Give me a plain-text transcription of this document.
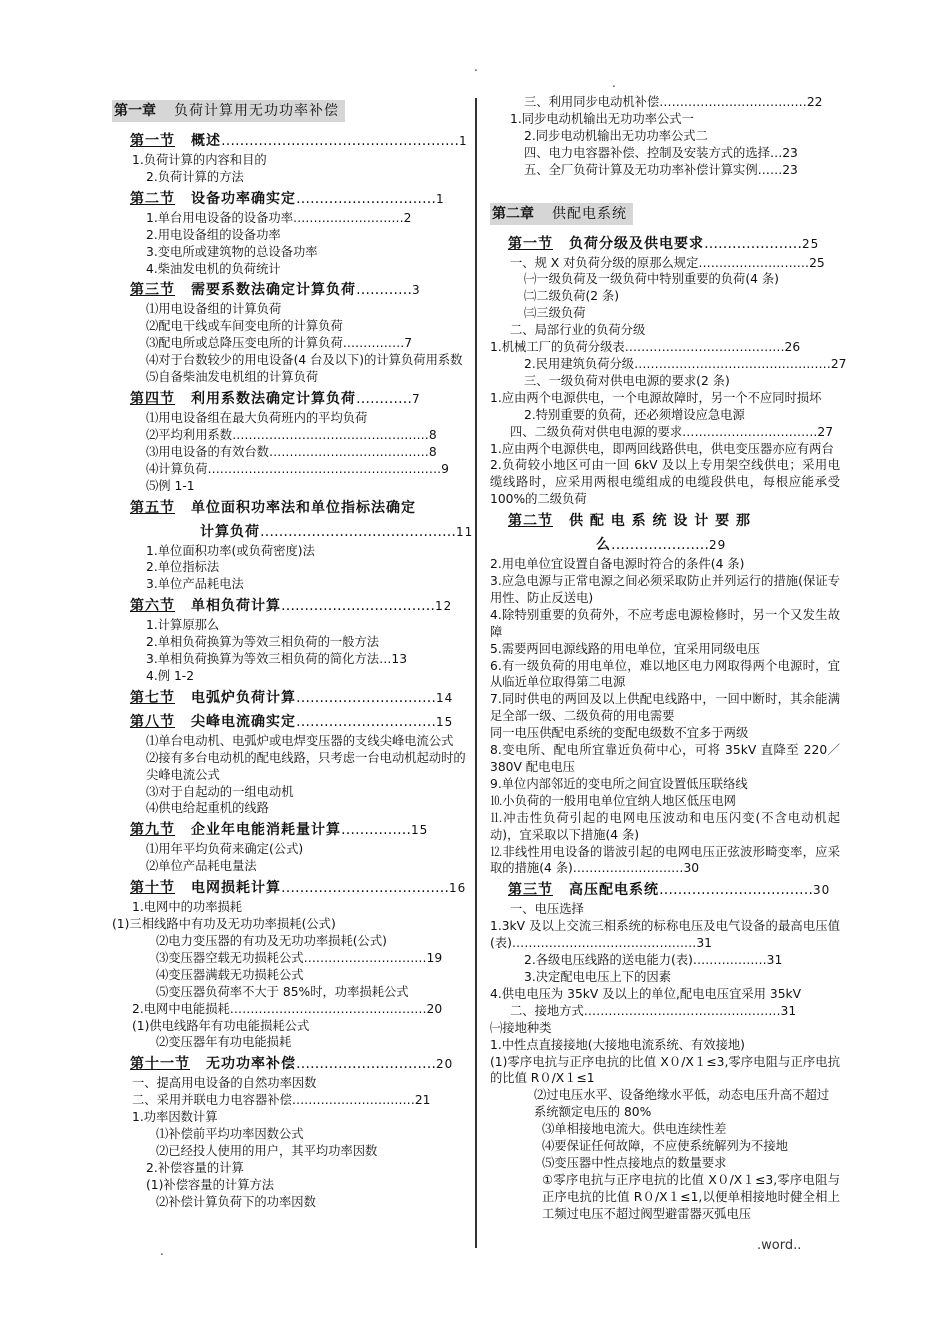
.
.
第一章 负荷计算用无功功率补偿
第一节 概述……………………………………………1
1.负荷计算的内容和目的
2.负荷计算的方法
第二节 设备功率确实定…………………………1
1.单台用电设备的设备功率………………………2
2.用电设备组的设备功率
3.变电所或建筑物的总设备功率
4.柴油发电机的负荷统计
第三节 需要系数法确定计算负荷…………3
⑴用电设备组的计算负荷
⑵配电干线或车间变电所的计算负荷
⑶配电所或总降压变电所的计算负荷……………7
⑷对于台数较少的用电设备(4 台及以下)的计算负荷用系数
⑸自备柴油发电机组的计算负荷
第四节 利用系数法确定计算负荷…………7
⑴用电设备组在最大负荷班内的平均负荷
⑵平均利用系数…………………………………………8
⑶用电设备的有效台数…………………………………8
⑷计算负荷…………………………………………………9
⑸例 1-1
第五节 单位面积功率法和单位指标法确定
计算负荷……………………………………11
1.单位面积功率(或负荷密度)法
2.单位指标法
3.单位产品耗电法
第六节 单相负荷计算……………………………12
1.计算原那么
2.单相负荷换算为等效三相负荷的一般方法
3.单相负荷换算为等效三相负荷的简化方法…13
4.例 1-2
第七节 电弧炉负荷计算…………………………14
第八节 尖峰电流确实定…………………………15
⑴单台电动机、电弧炉或电焊变压器的支线尖峰电流公式
⑵接有多台电动机的配电线路，只考虑一台电动机起动时的尖峰电流公式
⑶对于自起动的一组电动机
⑷供电给起重机的线路
第九节 企业年电能消耗量计算……………15
⑴用年平均负荷来确定(公式)
⑵单位产品耗电量法
第十节 电网损耗计算………………………………16
1.电网中的功率损耗
(1)三相线路中有功及无功功率损耗(公式)
⑵电力变压器的有功及无功功率损耗(公式)
⑶变压器空载无功损耗公式…………………………19
⑷变压器满载无功损耗公式
⑸变压器负荷率不大于 85%时，功率损耗公式
2.电网中电能损耗…………………………………………20
(1)供电线路年有功电能损耗公式
⑵变压器年有功电能损耗
第十一节 无功功率补偿…………………………20
一、提高用电设备的自然功率因数
二、采用并联电力电容器补偿…………………………21
1.功率因数计算
⑴补偿前平均功率因数公式
⑵已经投人使用的用户，其平均功率因数
2.补偿容量的计算
(1)补偿容量的计算方法
⑵补偿计算负荷下的功率因数
三、利用同步电动机补偿………………………………22
1.同步电动机输出无功功率公式一
2.同步电动机输出无功功率公式二
四、电力电容器补偿、控制及安装方式的选择…23
五、全厂负荷计算及无功功率补偿计算实例……23
第二章 供配电系统
第一节 负荷分级及供电要求…………………25
一、规 X 对负荷分级的原那么规定………………………25
㈠一级负荷及一级负荷中特别重要的负荷(4 条)
㈡二级负荷(2 条)
㈢三级负荷
二、局部行业的负荷分级
1.机械工厂的负荷分级表…………………………………26
2.民用建筑负荷分级…………………………………………27
三、一级负荷对供电电源的要求(2 条)
1.应由两个电源供电，一个电源故障时，另一个不应同时损坏
2.特别重要的负荷，还必须增设应急电源
四、二级负荷对供电电源的要求……………………………27
1.应由两个电源供电，即两回线路供电，供电变压器亦应有两台
2.负荷较小地区可由一回 6kV 及以上专用架空线供电；采用电缆线路时，应采用两根电缆组成的电缆段供电，每根应能承受 100%的二级负荷
第二节 供 配 电 系 统 设 计 要 那
么…………………29
2.用电单位宜设置自备电源时符合的条件(4 条)
3.应急电源与正常电源之间必须采取防止并列运行的措施(保证专用性、防止反送电)
4.除特别重要的负荷外，不应考虑电源检修时，另一个又发生故障
5.需要两回电源线路的用电单位，宜采用同级电压
6.有一级负荷的用电单位，难以地区电力网取得两个电源时，宜从临近单位取得第二电源
7.同时供电的两回及以上供配电线路中，一回中断时，其余能满足全部一级、二级负荷的用电需要
同一电压供配电系统的变配电级数不宜多于两级
8.变电所、配电所宜靠近负荷中心，可将 35kV 直降至 220／380V 配电电压
9.单位内部邻近的变电所之间宜设置低压联络线
⒑小负荷的一般用电单位宜纳人地区低压电网
⒒冲击性负荷引起的电网电压波动和电压闪变(不含电动机起动)，宜采取以下措施(4 条)
⒓非线性用电设备的谐波引起的电网电压正弦波形畸变率，应采取的措施(4 条)………………………30
第三节 高压配电系统……………………………30
一、电压选择
1.3kV 及以上交流三相系统的标称电压及电气设备的最高电压值(表)………………………………………31
2.各级电压线路的送电能力(表)………………31
3.决定配电电压上下的因素
4.供电电压为 35kV 及以上的单位,配电电压宜采用 35kV
二、接地方式…………………………………………31
㈠接地种类
1.中性点直接接地(大接地电流系统、有效接地)
(1)零序电抗与正序电抗的比值 X０/X１≤3,零序电阻与正序电抗的比值 R０/X１≤1
⑵过电压水平、设备绝缘水平低，动态电压升高不超过系统额定电压的 80%
⑶单相接地电流大。供电连续性差
⑷要保证任何故障，不应使系统解列为不接地
⑸变压器中性点接地点的数量要求
①零序电抗与正序电抗的比值 X０/X１≤3,零序电阻与正序电抗的比值 R０/X１≤1,以便单相接地时健全相上工频过电压不超过阀型避雷器灭弧电压
.	.word..
